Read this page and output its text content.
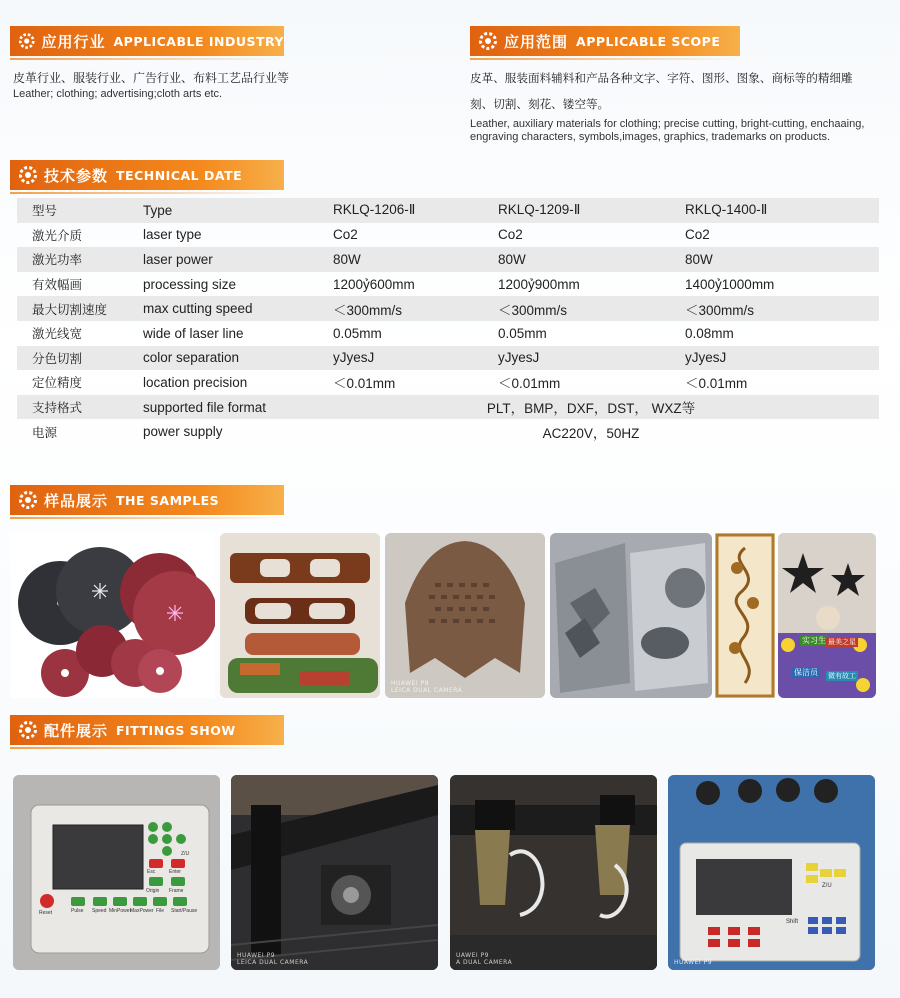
应用行业 APPLICABLE INDUSTRY	应用范围 APPLICABLE SCOPE
技术参数 TECHNICAL DATE
样品展示 THE SAMPLES
配件展示 FITTINGS SHOW
皮革行业、服装行业、广告行业、布料工艺品行业等
Leather; clothing; advertising;cloth arts etc.
皮革、服装面料辅料和产品各种文字、字符、图形、图象、商标等的精细雕
刻、切割、刻花、镂空等。
Leather, auxiliary materials for clothing; precise cutting, bright-cutting, enchaaing,
engraving characters, symbols,images, graphics, trademarks on products.
型号	Type	RKLQ-1206-Ⅱ	RKLQ-1209-Ⅱ	RKLQ-1400-Ⅱ
激光介质	laser type	Co2	Co2	Co2
激光功率	laser power	80W	80W	80W
有效幅画	processing size	1200ỷ600mm	1200ỷ900mm	1400ỷ1000mm
最大切割速度	max cutting speed	＜300mm/s	＜300mm/s	＜300mm/s
激光线宽	wide of laser line	0.05mm	0.05mm	0.08mm
分色切割	color separation	уJyesJ	уJyesJ	уJyesJ
定位精度	location precision	＜0.01mm	＜0.01mm	＜0.01mm
支持格式	supported file format	PLT，BMP，DXF，DST， WXZ等		
电源	power supply	AC220V，50HZ		
HUAWEI P9
LEICA DUAL CAMERA
实习生 最美之星
保洁员 微有故工
Esc	Enter
Origin Frame
Z/U
Reset	Pulse Speed MinPower
MaxPower File Start/Pause
HUAWEI P9
LEICA DUAL CAMERA
UAWEI P9
A DUAL CAMERA
Z/U
Shift
HUAWEI P9
